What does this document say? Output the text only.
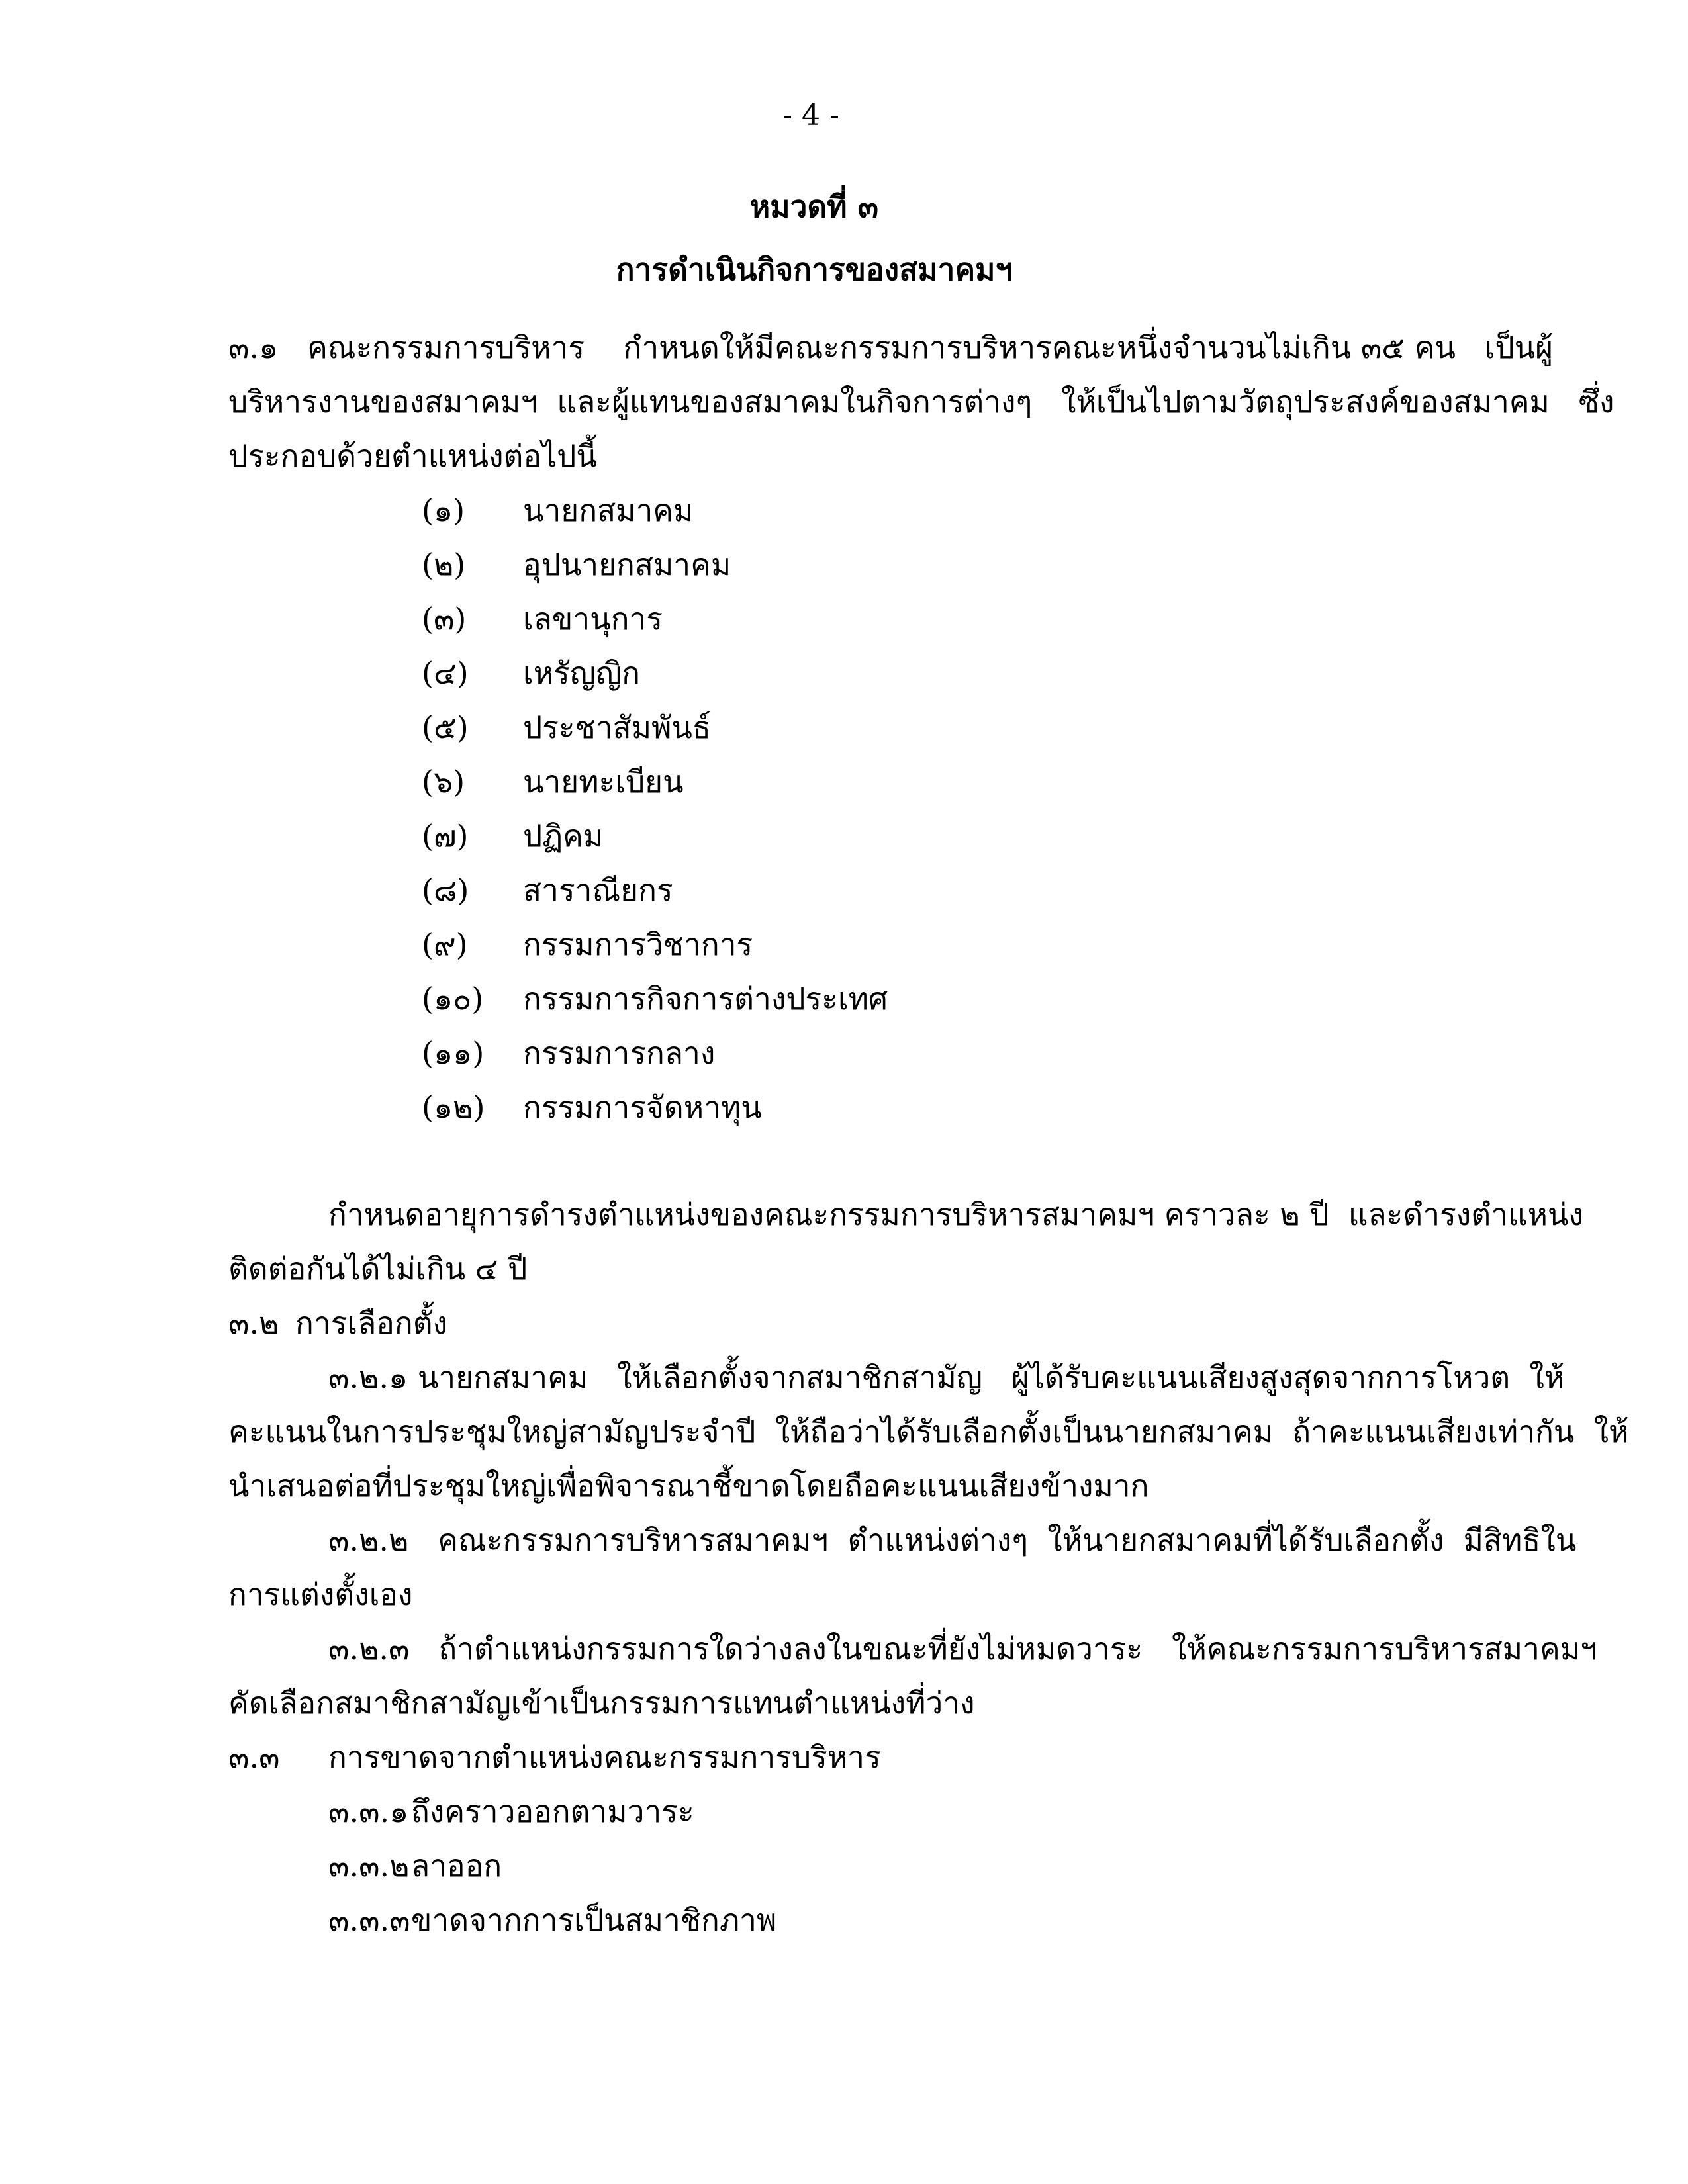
- 4 -
หมวดที่ ๓
การดำเนินกิจการของสมาคมฯ
๓.๑   คณะกรรมการบริหาร    กำหนดให้มีคณะกรรมการบริหารคณะหนึ่งจำนวนไม่เกิน ๓๕ คน   เป็นผู้
บริหารงานของสมาคมฯ  และผู้แทนของสมาคมในกิจการต่างๆ   ให้เป็นไปตามวัตถุประสงค์ของสมาคม   ซึ่ง
ประกอบด้วยตำแหน่งต่อไปนี้
(๑)	นายกสมาคม
(๒)	อุปนายกสมาคม
(๓)	เลขานุการ
(๔)	เหรัญญิก
(๕)	ประชาสัมพันธ์
(๖)	นายทะเบียน
(๗)	ปฏิคม
(๘)	สาราณียกร
(๙)	กรรมการวิชาการ
(๑๐)	กรรมการกิจการต่างประเทศ
(๑๑)	กรรมการกลาง
(๑๒)	กรรมการจัดหาทุน
กำหนดอายุการดำรงตำแหน่งของคณะกรรมการบริหารสมาคมฯ คราวละ ๒ ปี  และดำรงตำแหน่ง
ติดต่อกันได้ไม่เกิน ๔ ปี
๓.๒ การเลือกตั้ง
๓.๒.๑ นายกสมาคม   ให้เลือกตั้งจากสมาชิกสามัญ   ผู้ได้รับคะแนนเสียงสูงสุดจากการโหวต  ให้
คะแนนในการประชุมใหญ่สามัญประจำปี  ให้ถือว่าได้รับเลือกตั้งเป็นนายกสมาคม  ถ้าคะแนนเสียงเท่ากัน  ให้
นำเสนอต่อที่ประชุมใหญ่เพื่อพิจารณาชี้ขาดโดยถือคะแนนเสียงข้างมาก
๓.๒.๒   คณะกรรมการบริหารสมาคมฯ  ตำแหน่งต่างๆ  ให้นายกสมาคมที่ได้รับเลือกตั้ง  มีสิทธิใน
การแต่งตั้งเอง
๓.๒.๓   ถ้าตำแหน่งกรรมการใดว่างลงในขณะที่ยังไม่หมดวาระ   ให้คณะกรรมการบริหารสมาคมฯ
คัดเลือกสมาชิกสามัญเข้าเป็นกรรมการแทนตำแหน่งที่ว่าง
๓.๓	การขาดจากตำแหน่งคณะกรรมการบริหาร
๓.๓.๑ ถึงคราวออกตามวาระ
๓.๓.๒ ลาออก
๓.๓.๓ ขาดจากการเป็นสมาชิกภาพ
